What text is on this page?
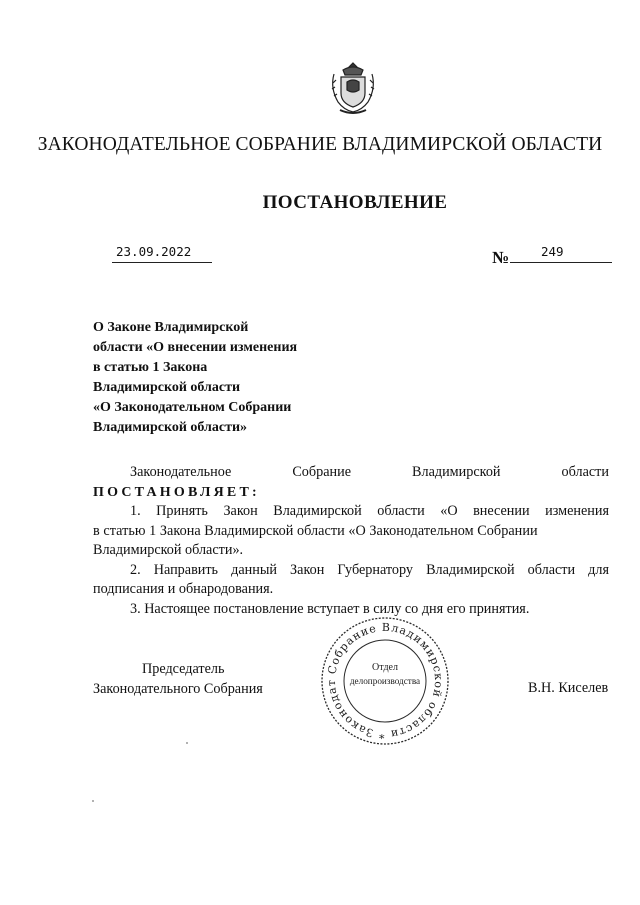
ЗАКОНОДАТЕЛЬНОЕ СОБРАНИЕ ВЛАДИМИРСКОЙ ОБЛАСТИ
ПОСТАНОВЛЕНИЕ
23.09.2022	№	249
О Законе Владимирской
области «О внесении изменения
в статью 1 Закона
Владимирской области
«О Законодательном Собрании
Владимирской области»
Законодательное	Собрание	Владимирской	области
ПОСТАНОВЛЯЕТ:
1. Принять Закон Владимирской области «О внесении изменения
в статью 1 Закона Владимирской области «О Законодательном Собрании
Владимирской области».
2. Направить данный Закон Губернатору Владимирской области для
подписания и обнародования.
3. Настоящее постановление вступает в силу со дня его принятия.
Председатель
Законодательного Собрания	В.Н. Киселев
Собрание Владимирской области * Законодат
Отдел
делопроизводства
